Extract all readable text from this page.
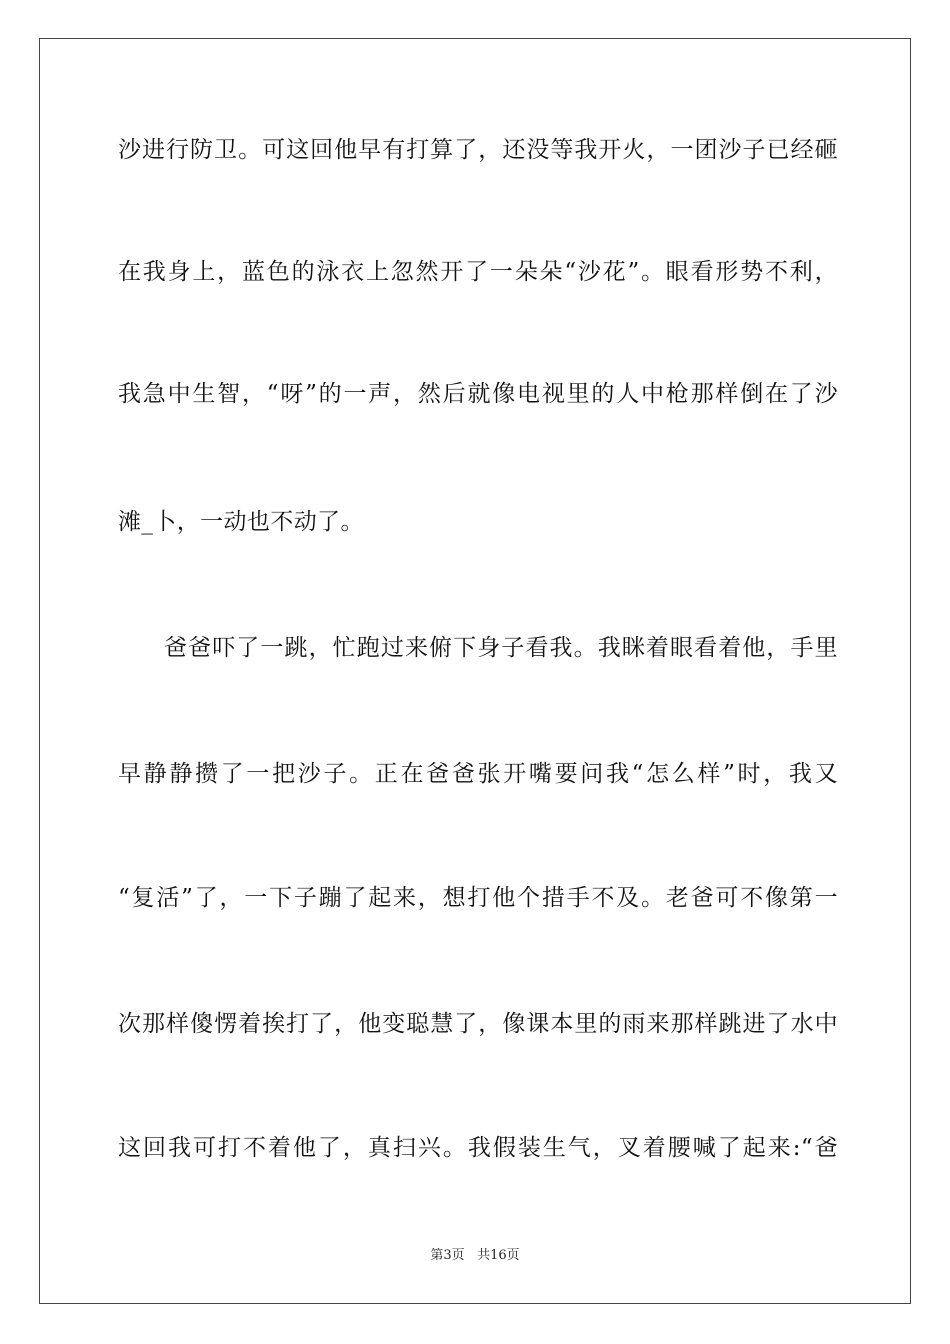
沙进行防卫。可这回他早有打算了，还没等我开火，一团沙子已经砸
在我身上，蓝色的泳衣上忽然开了一朵朵“沙花”。眼看形势不利，
我急中生智，“呀”的一声，然后就像电视里的人中枪那样倒在了沙
滩_卜，一动也不动了。
爸爸吓了一跳，忙跑过来俯下身子看我。我眯着眼看着他，手里
早静静攒了一把沙子。正在爸爸张开嘴要问我“怎么样”时，我又
“复活”了，一下子蹦了起来，想打他个措手不及。老爸可不像第一
次那样傻愣着挨打了，他变聪慧了，像课本里的雨来那样跳进了水中
这回我可打不着他了，真扫兴。我假装生气，叉着腰喊了起来:“爸
第3页 共16页
